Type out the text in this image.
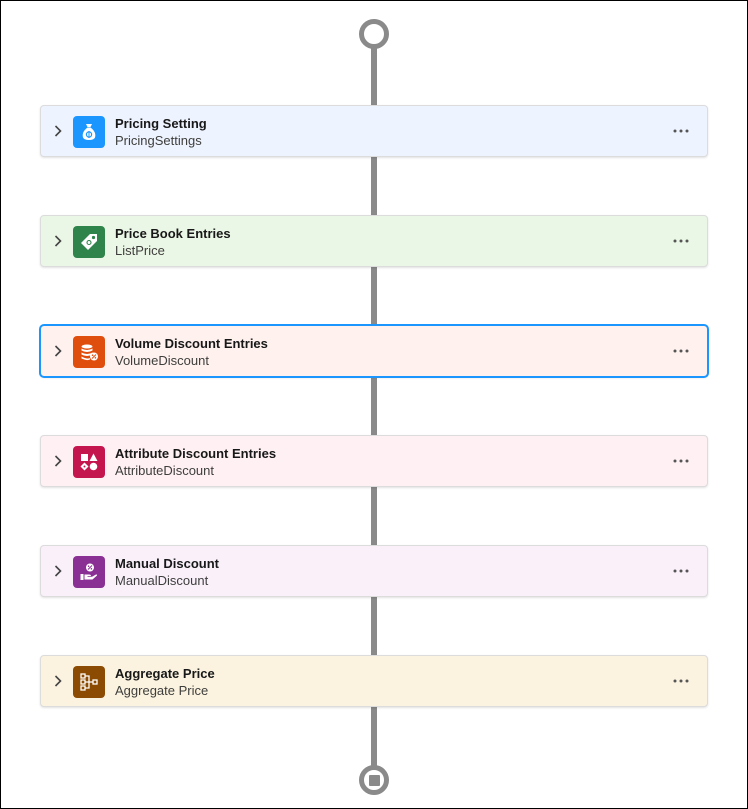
Pricing Setting
PricingSettings
Price Book Entries
ListPrice
Volume Discount Entries
VolumeDiscount
Attribute Discount Entries
AttributeDiscount
Manual Discount
ManualDiscount
Aggregate Price
Aggregate Price
